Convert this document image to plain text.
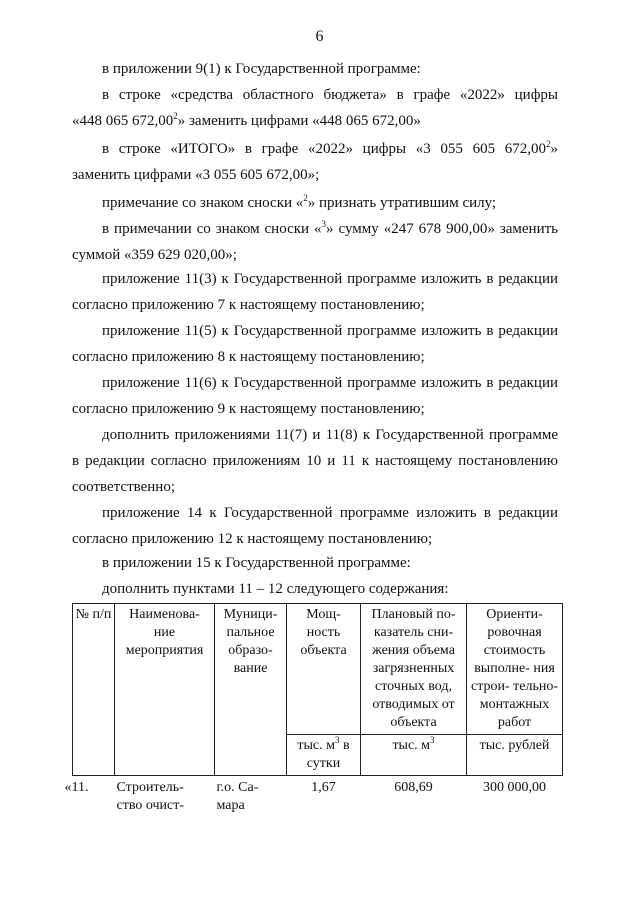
6
в приложении 9(1) к Государственной программе:
в строке «средства областного бюджета» в графе «2022» цифры
«448 065 672,00$^2$» заменить цифрами «448 065 672,00»
в строке «ИТОГО» в графе «2022» цифры «3 055 605 672,00$^2$»
заменить цифрами «3 055 605 672,00»;
примечание со знаком сноски «$^2$» признать утратившим силу;
в примечании со знаком сноски «$^3$» сумму «247 678 900,00» заменить
суммой «359 629 020,00»;
приложение 11(3) к Государственной программе изложить в редакции
согласно приложению 7 к настоящему постановлению;
приложение 11(5) к Государственной программе изложить в редакции
согласно приложению 8 к настоящему постановлению;
приложение 11(6) к Государственной программе изложить в редакции
согласно приложению 9 к настоящему постановлению;
дополнить приложениями 11(7) и 11(8) к Государственной программе
в редакции согласно приложениям 10 и 11 к настоящему постановлению
соответственно;
приложение 14 к Государственной программе изложить в редакции
согласно приложению 12 к настоящему постановлению;
в приложении 15 к Государственной программе:
дополнить пунктами 11 – 12 следующего содержания:
№ п/п	Наименова- ние мероприятия	Муници- пальное образо- вание	Мощ- ность объекта	Плановый по- казатель сни- жения объема загрязненных сточных вод, отводимых от объекта	Ориенти- ровочная стоимость выполне- ния строи- тельно- монтажных работ
			тыс. $м^3$ в сутки	тыс. $м^3$	тыс. рублей

«11.	Строитель- ство очист-	г.о. Са- мара	1,67	608,69	300 000,00
